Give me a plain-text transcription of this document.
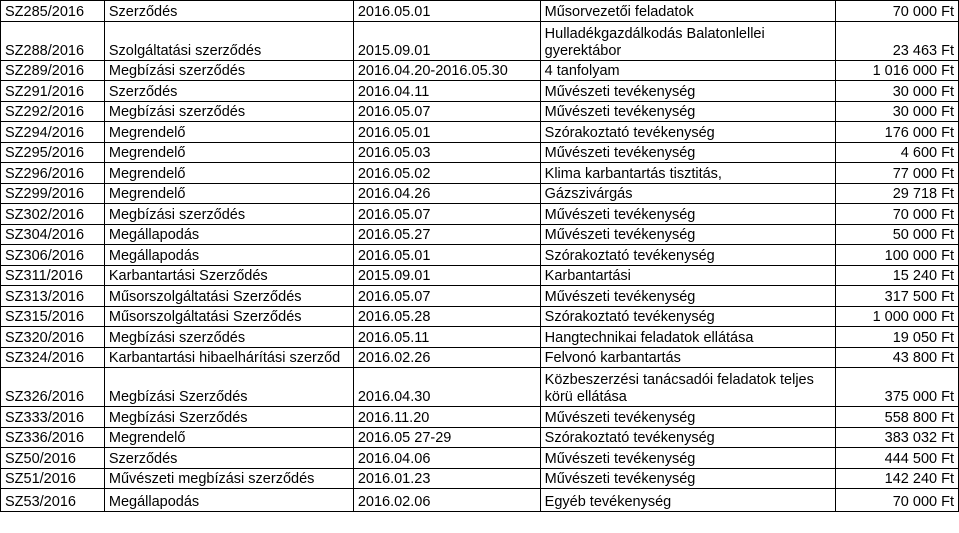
SZ285/2016	Szerződés	2016.05.01	Műsorvezetői feladatok	70 000 Ft
SZ288/2016	Szolgáltatási szerződés	2015.09.01	Hulladékgazdálkodás Balatonlellei gyerektábor	23 463 Ft
SZ289/2016	Megbízási szerződés	2016.04.20-2016.05.30	4 tanfolyam	1 016 000 Ft
SZ291/2016	Szerződés	2016.04.11	Művészeti tevékenység	30 000 Ft
SZ292/2016	Megbízási szerződés	2016.05.07	Művészeti tevékenység	30 000 Ft
SZ294/2016	Megrendelő	2016.05.01	Szórakoztató tevékenység	176 000 Ft
SZ295/2016	Megrendelő	2016.05.03	Művészeti tevékenység	4 600 Ft
SZ296/2016	Megrendelő	2016.05.02	Klima karbantartás tisztitás,	77 000 Ft
SZ299/2016	Megrendelő	2016.04.26	Gázszivárgás	29 718 Ft
SZ302/2016	Megbízási szerződés	2016.05.07	Művészeti tevékenység	70 000 Ft
SZ304/2016	Megállapodás	2016.05.27	Művészeti tevékenység	50 000 Ft
SZ306/2016	Megállapodás	2016.05.01	Szórakoztató tevékenység	100 000 Ft
SZ311/2016	Karbantartási Szerződés	2015.09.01	Karbantartási	15 240 Ft
SZ313/2016	Műsorszolgáltatási Szerződés	2016.05.07	Művészeti tevékenység	317 500 Ft
SZ315/2016	Műsorszolgáltatási Szerződés	2016.05.28	Szórakoztató tevékenység	1 000 000 Ft
SZ320/2016	Megbízási szerződés	2016.05.11	Hangtechnikai feladatok ellátása	19 050 Ft
SZ324/2016	Karbantartási hibaelhárítási szerződ	2016.02.26	Felvonó karbantartás	43 800 Ft
SZ326/2016	Megbízási Szerződés	2016.04.30	Közbeszerzési tanácsadói feladatok teljes körü ellátása	375 000 Ft
SZ333/2016	Megbízási Szerződés	2016.11.20	Művészeti tevékenység	558 800 Ft
SZ336/2016	Megrendelő	2016.05 27-29	Szórakoztató tevékenység	383 032 Ft
SZ50/2016	Szerződés	2016.04.06	Művészeti tevékenység	444 500 Ft
SZ51/2016	Művészeti megbízási szerződés	2016.01.23	Művészeti tevékenység	142 240 Ft
SZ53/2016	Megállapodás	2016.02.06	Egyéb tevékenység	70 000 Ft
